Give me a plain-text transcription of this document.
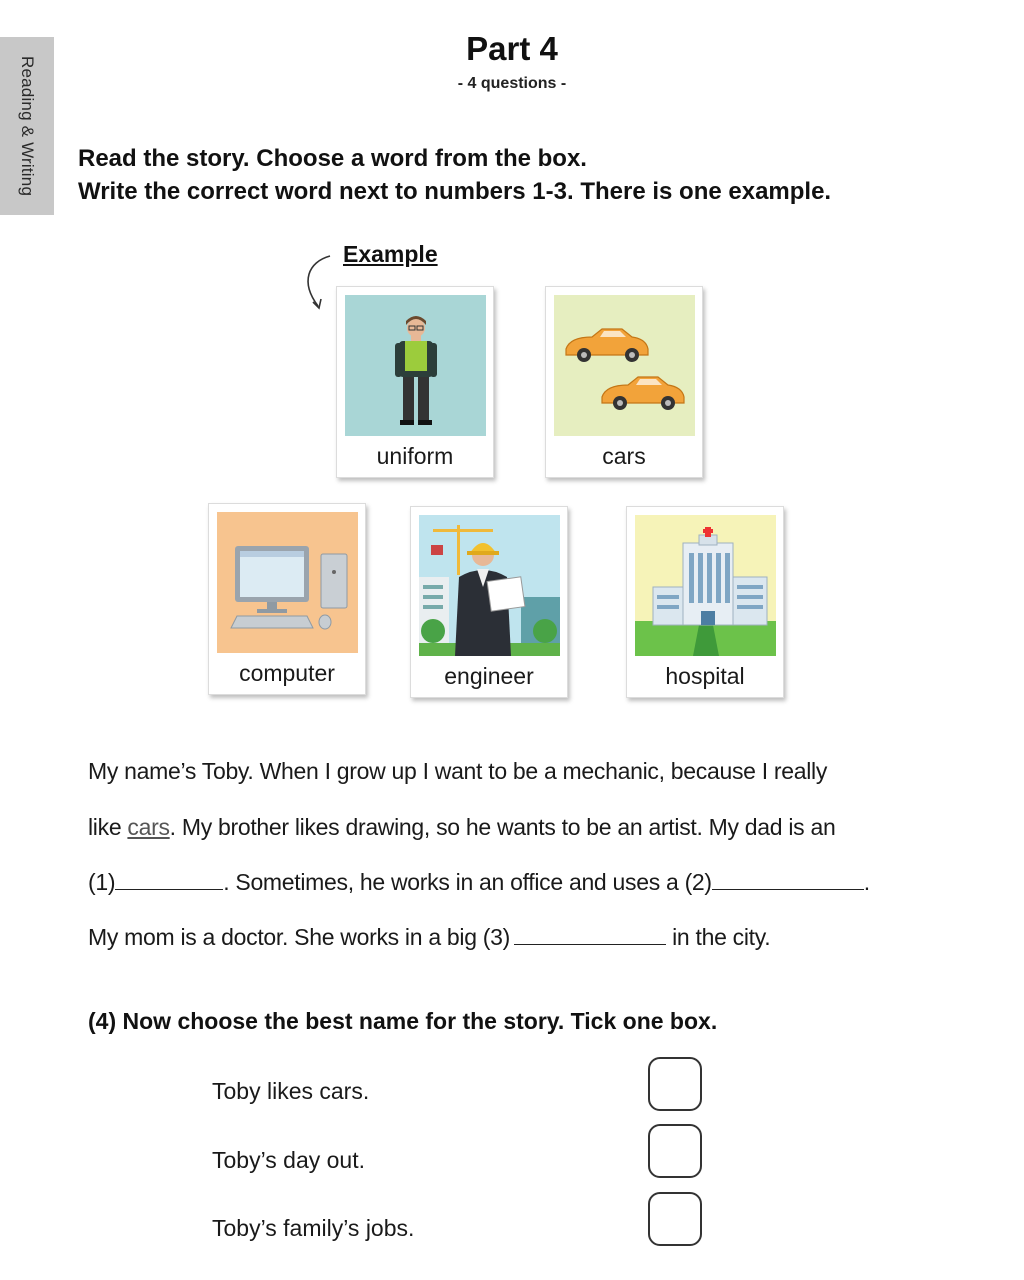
Reading & Writing
Part 4
- 4 questions -
Read the story. Choose a word from the box.
Write the correct word next to numbers 1-3. There is one example.
Example
uniform	cars
computer	engineer	hospital
My name’s Toby. When I grow up I want to be a mechanic, because I really
like cars. My brother likes drawing, so he wants to be an artist. My dad is an
(1)	. Sometimes, he works in an office and uses a (2)	.
My mom is a doctor. She works in a big (3)	in the city.
(4) Now choose the best name for the story. Tick one box.
Toby likes cars.
Toby’s day out.
Toby’s family’s jobs.
